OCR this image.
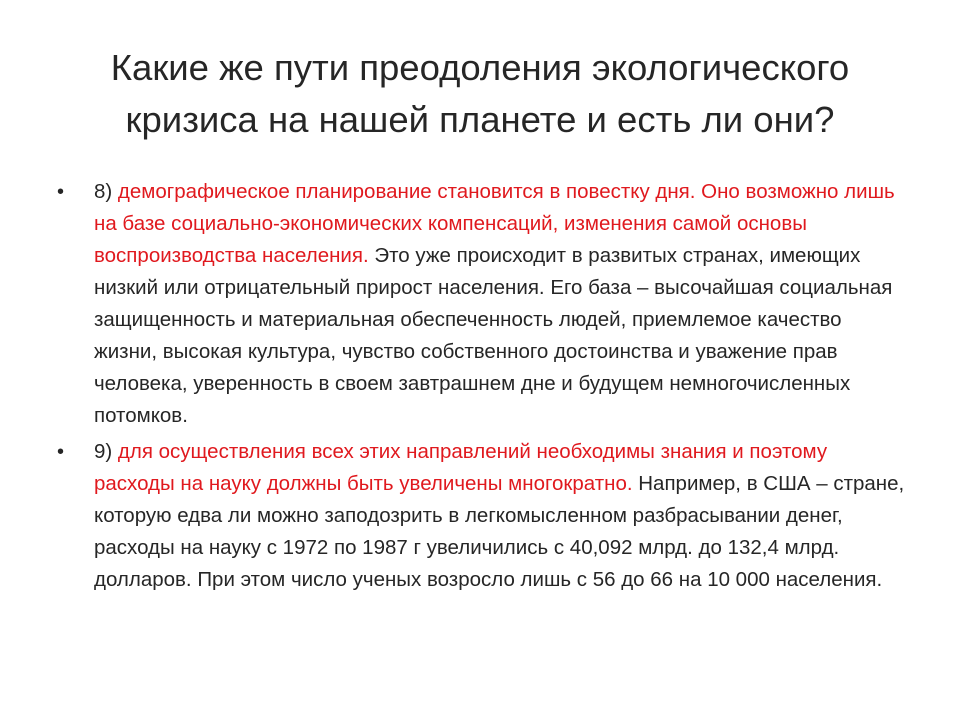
Какие же пути преодоления экологического кризиса на нашей планете и есть ли они?
• 8) демографическое планирование становится в повестку дня. Оно возможно лишь на базе социально-экономических компенсаций, изменения самой основы воспроизводства населения. Это уже происходит в развитых странах, имеющих низкий или отрицательный прирост населения. Его база – высочайшая социальная защищенность и материальная обеспеченность людей, приемлемое качество жизни, высокая культура, чувство собственного достоинства и уважение прав человека, уверенность в своем завтрашнем дне и будущем немногочисленных потомков.
• 9) для осуществления всех этих направлений необходимы знания и поэтому расходы на науку должны быть увеличены многократно. Например, в США – стране, которую едва ли можно заподозрить в легкомысленном разбрасывании денег, расходы на науку с 1972 по 1987 г увеличились с 40,092 млрд. до 132,4 млрд. долларов. При этом число ученых возросло лишь с 56 до 66 на 10 000 населения.
